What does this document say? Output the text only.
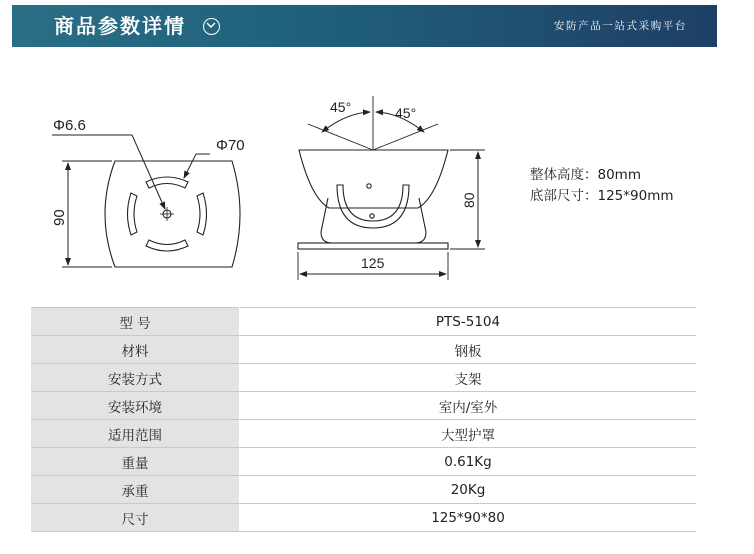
商品参数详情	安防产品一站式采购平台
Φ6.6
Φ70
90
45°	45°
80
125
整体高度：80mm
底部尺寸：125*90mm
型 号	PTS-5104
材料	钢板
安装方式	支架
安装环境	室内/室外
适用范围	大型护罩
重量	0.61Kg
承重	20Kg
尺寸	125*90*80
